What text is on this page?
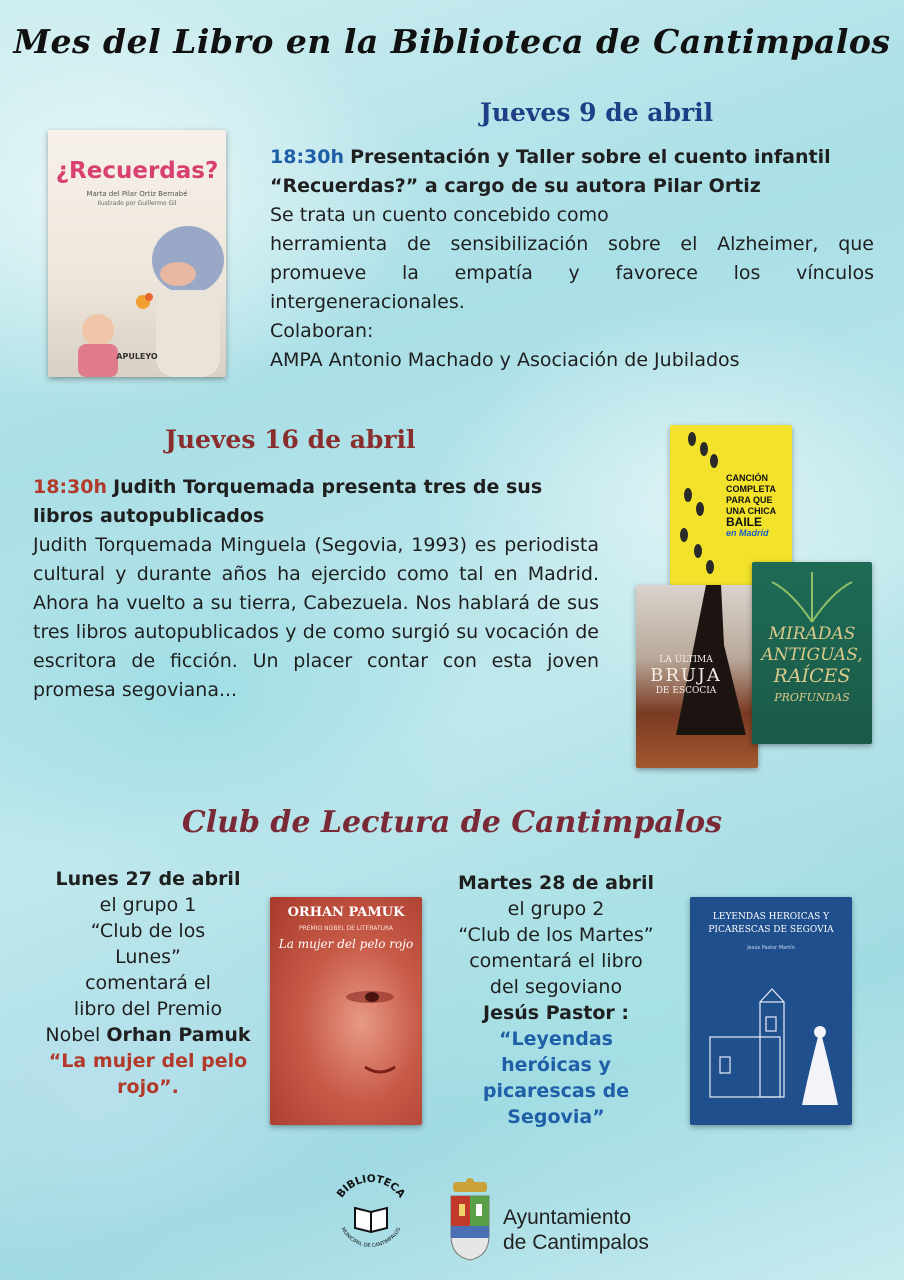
Mes del Libro en la Biblioteca de Cantimpalos
Jueves 9 de abril
¿Recuerdas?
Marta del Pilar Ortiz Bernabé
Ilustrado por Guillermo Gil
APULEYO
18:30h Presentación y Taller sobre el cuento infantil
“Recuerdas?” a cargo de su autora Pilar Ortiz
Se trata un cuento concebido como
herramienta de sensibilización sobre el Alzheimer, que promueve la empatía y favorece los vínculos intergeneracionales.
Colaboran:
AMPA Antonio Machado y Asociación de Jubilados
Jueves 16 de abril
18:30h Judith Torquemada presenta tres de sus libros autopublicados
Judith Torquemada Minguela (Segovia, 1993) es periodista cultural y durante años ha ejercido como tal en Madrid. Ahora ha vuelto a su tierra, Cabezuela. Nos hablará de sus tres libros autopublicados y de como surgió su vocación de escritora de ficción. Un placer contar con esta joven promesa segoviana...
CANCIÓN
COMPLETA
PARA QUE
UNA CHICA
BAILE
en Madrid
LA ÚLTIMA
BRUJA
DE ESCOCIA
MIRADAS
ANTIGUAS,
RAÍCES
PROFUNDAS
Club de Lectura de Cantimpalos
Lunes 27 de abril
el grupo 1
“Club de los
Lunes”
comentará el
libro del Premio
Nobel Orhan Pamuk
“La mujer del pelo rojo”.
ORHAN PAMUK
PREMIO NOBEL DE LITERATURA
La mujer del pelo rojo
Martes 28 de abril
el grupo 2
“Club de los Martes”
comentará el libro
del segoviano
Jesús Pastor :
“Leyendas heróicas y picarescas de Segovia”
LEYENDAS HEROICAS Y PICARESCAS DE SEGOVIA
Jesús Pastor Martín
BIBLIOTECA
MUNICIPAL DE CANTIMPALOS
Ayuntamiento
de Cantimpalos
